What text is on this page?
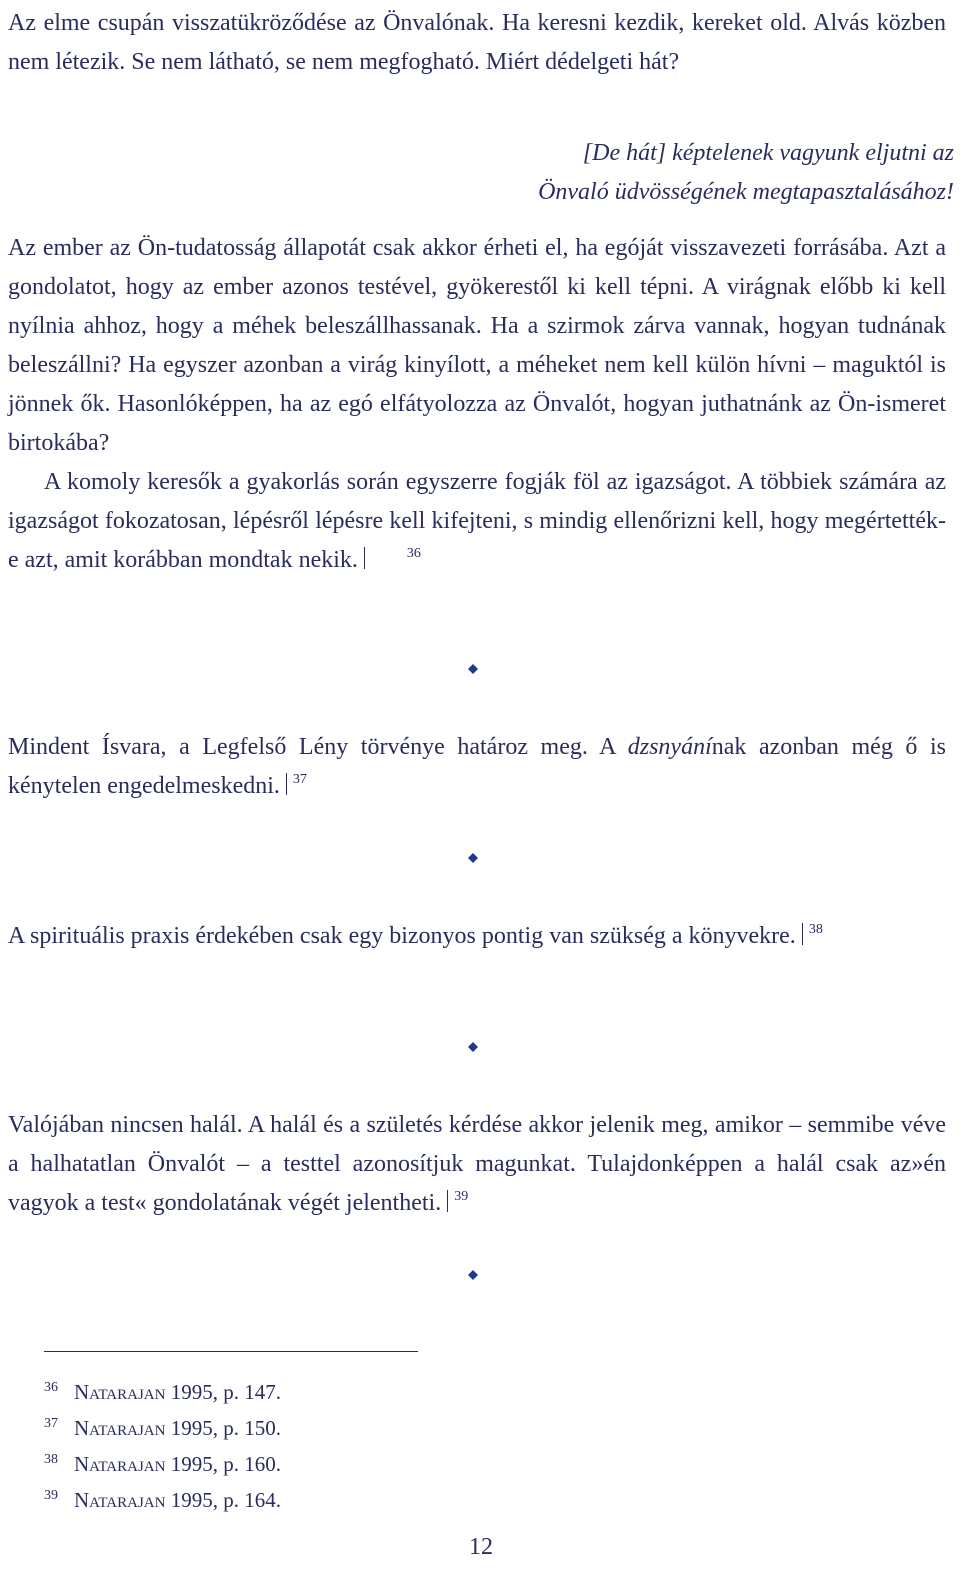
Az elme csupán visszatükröződése az Önvalónak. Ha keresni kezdik, kereket old. Alvás közben nem létezik. Se nem látható, se nem megfogható. Miért dédelgeti hát?

[De hát] képtelenek vagyunk eljutni az
Önvaló üdvösségének megtapasztalásához!

Az ember az Ön-tudatosság állapotát csak akkor érheti el, ha egóját visszavezeti forrásába. Azt a gondolatot, hogy az ember azonos testével, gyökerestől ki kell tépni. A virágnak előbb ki kell nyílnia ahhoz, hogy a méhek beleszállhassanak. Ha a szirmok zárva vannak, hogyan tudnának beleszállni? Ha egyszer azonban a virág kinyílott, a méheket nem kell külön hívni – maguktól is jönnek ők. Hasonlóképpen, ha az egó elfátyolozza az Önvalót, hogyan juthatnánk az Ön-ismeret birtokába?

A komoly keresők a gyakorlás során egyszerre fogják föl az igazságot. A többiek számára az igazságot fokozatosan, lépésről lépésre kell kifejteni, s mindig ellenőrizni kell, hogy megértették-e azt, amit korábban mondtak nekik.	36

Mindent Ísvara, a Legfelső Lény törvénye határoz meg. A dzsnyánínak azonban még ő is kénytelen engedelmeskedni. 37

A spirituális praxis érdekében csak egy bizonyos pontig van szükség a könyvekre. 38

Valójában nincsen halál. A halál és a születés kérdése akkor jelenik meg, amikor – semmibe véve a halhatatlan Önvalót – a testtel azonosítjuk magunkat. Tulajdonképpen a halál csak az»én vagyok a test« gondolatának végét jelentheti. 39

36 Natarajan 1995, p. 147.
37 Natarajan 1995, p. 150.
38 Natarajan 1995, p. 160.
39 Natarajan 1995, p. 164.
12
